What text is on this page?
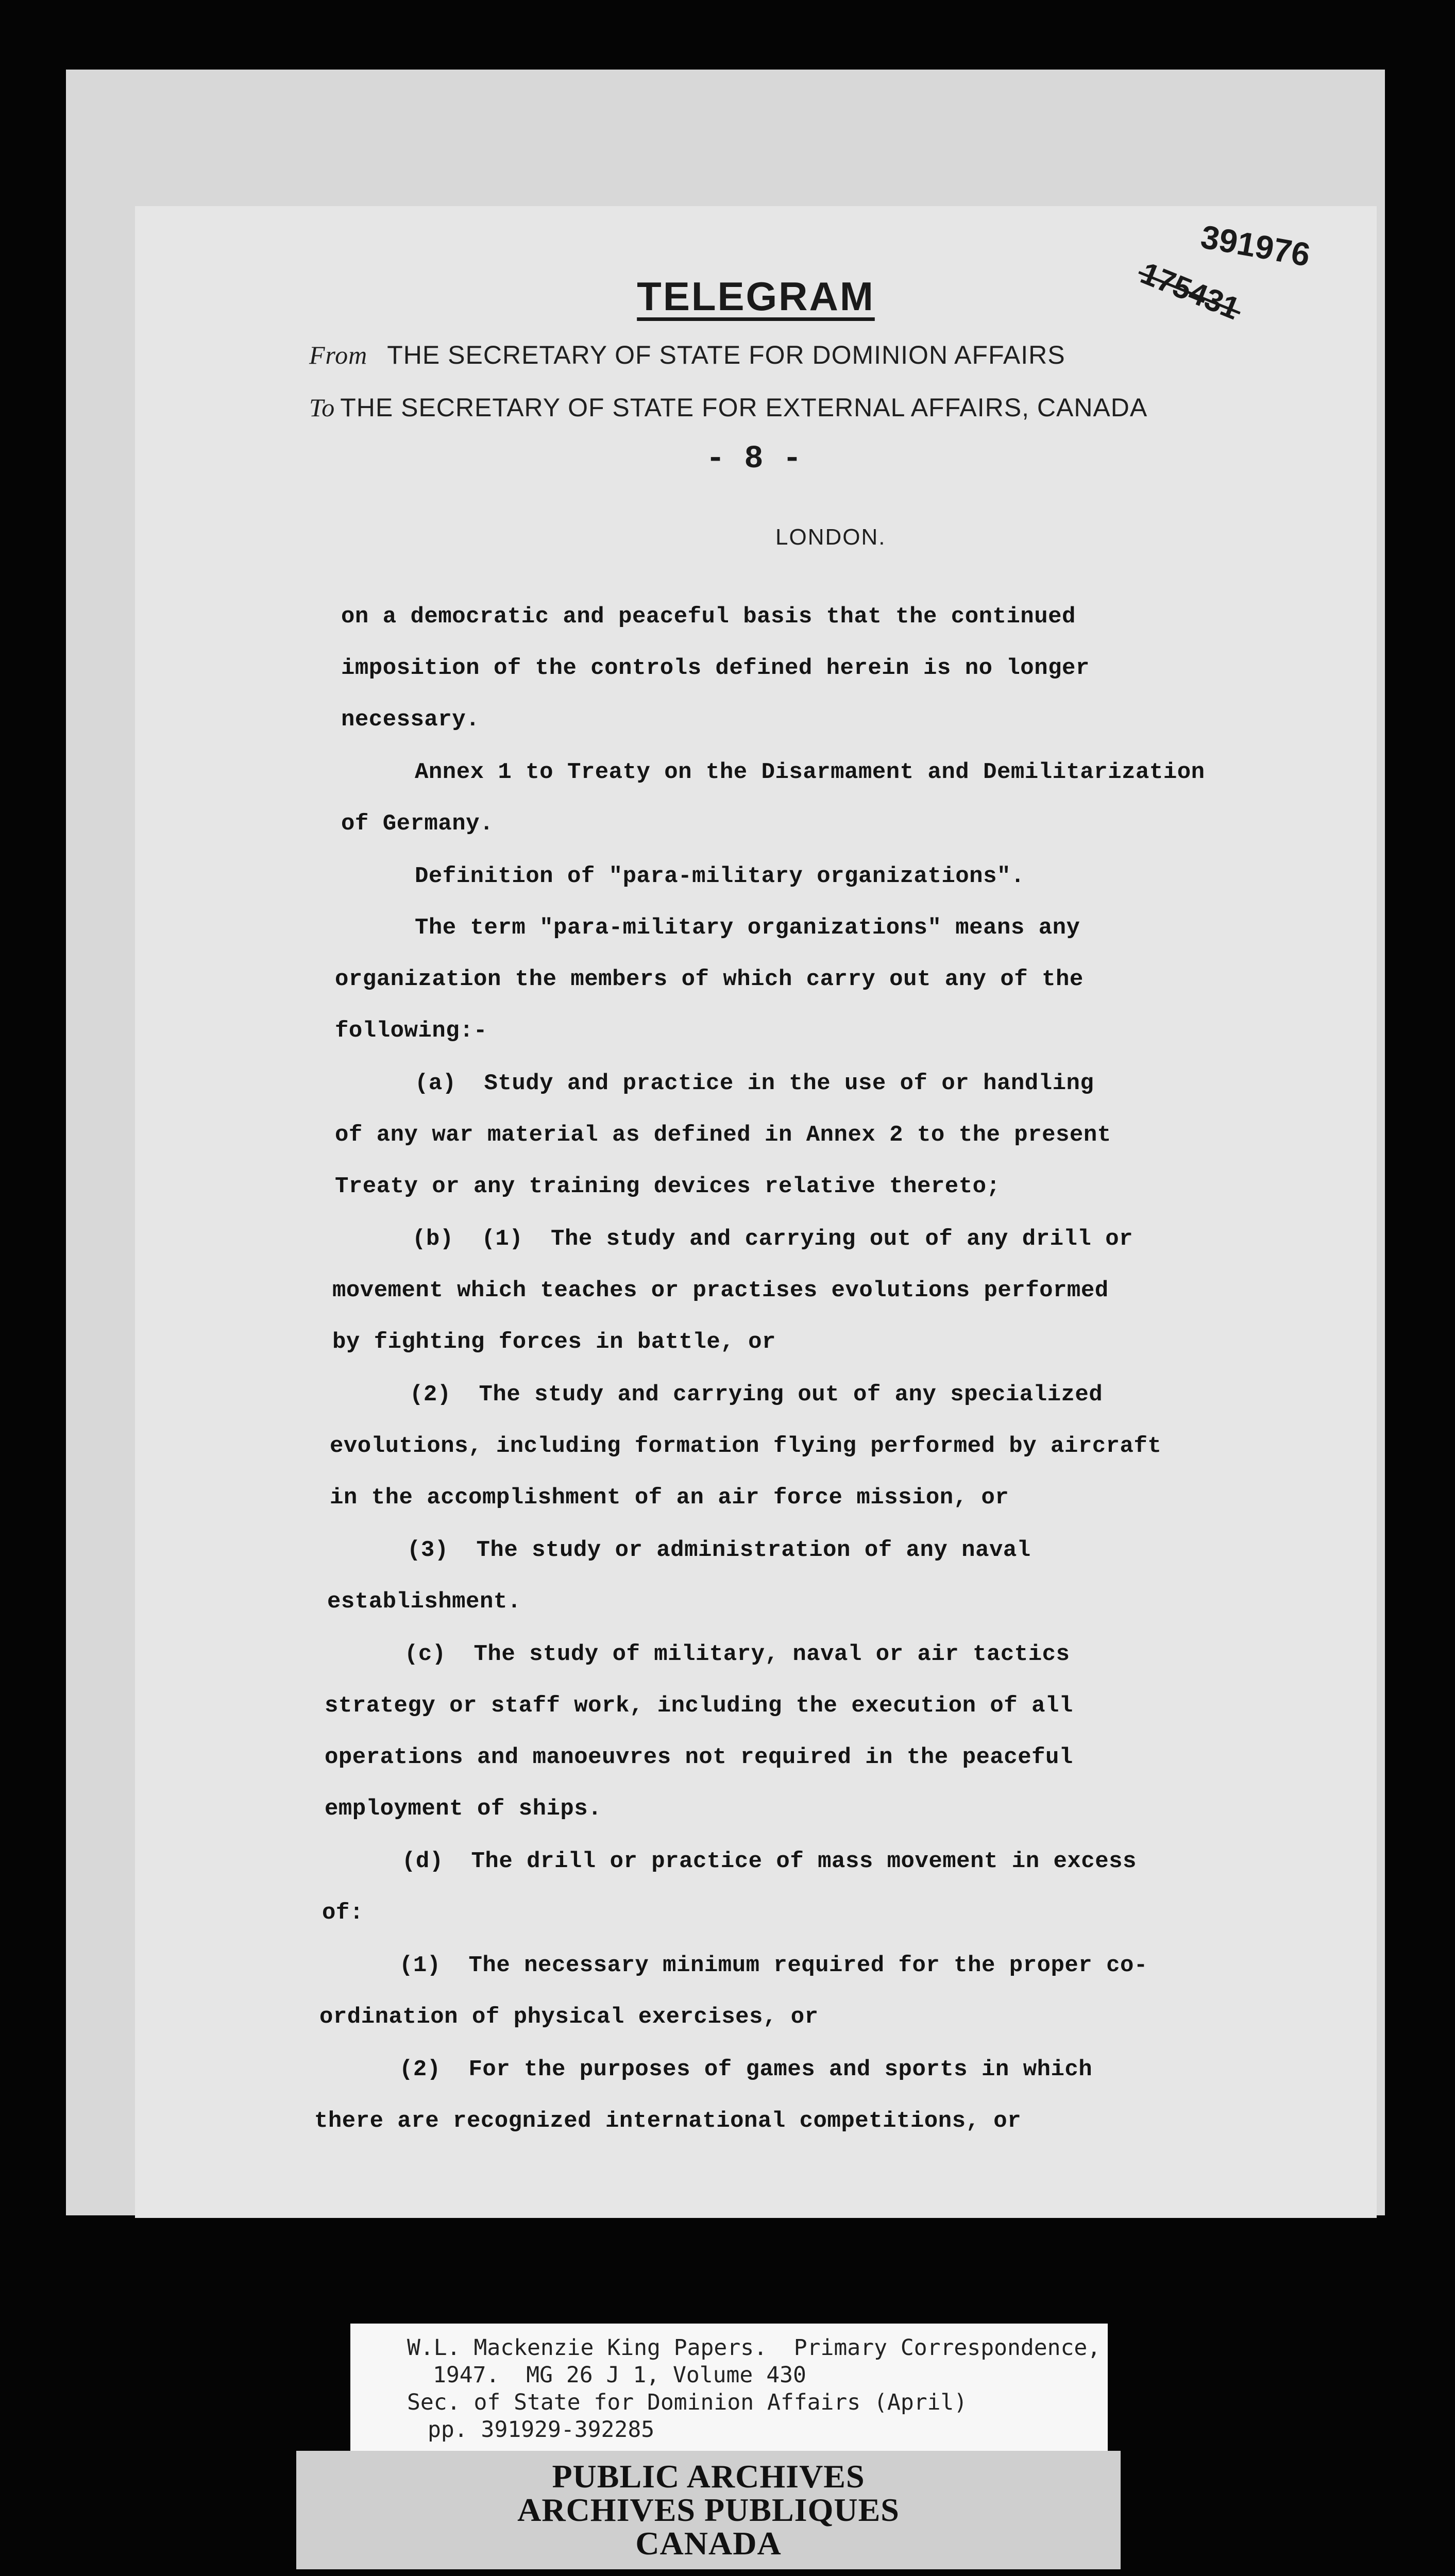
391976
175431
TELEGRAM
From THE SECRETARY OF STATE FOR DOMINION AFFAIRS
To THE SECRETARY OF STATE FOR EXTERNAL AFFAIRS, CANADA
- 8 -
LONDON.
on a democratic and peaceful basis that the continued
imposition of the controls defined herein is no longer
necessary.
Annex 1 to Treaty on the Disarmament and Demilitarization
of Germany.
Definition of "para-military organizations".
The term "para-military organizations" means any
organization the members of which carry out any of the
following:-
(a)  Study and practice in the use of or handling
of any war material as defined in Annex 2 to the present
Treaty or any training devices relative thereto;
(b)  (1)  The study and carrying out of any drill or
movement which teaches or practises evolutions performed
by fighting forces in battle, or
(2)  The study and carrying out of any specialized
evolutions, including formation flying performed by aircraft
in the accomplishment of an air force mission, or
(3)  The study or administration of any naval
establishment.
(c)  The study of military, naval or air tactics
strategy or staff work, including the execution of all
operations and manoeuvres not required in the peaceful
employment of ships.
(d)  The drill or practice of mass movement in excess
of:
(1)  The necessary minimum required for the proper co-
ordination of physical exercises, or
(2)  For the purposes of games and sports in which
there are recognized international competitions, or
W.L. Mackenzie King Papers.  Primary Correspondence,
1947.  MG 26 J 1, Volume 430
Sec. of State for Dominion Affairs (April)
pp. 391929-392285
PUBLIC ARCHIVES
ARCHIVES PUBLIQUES
CANADA
